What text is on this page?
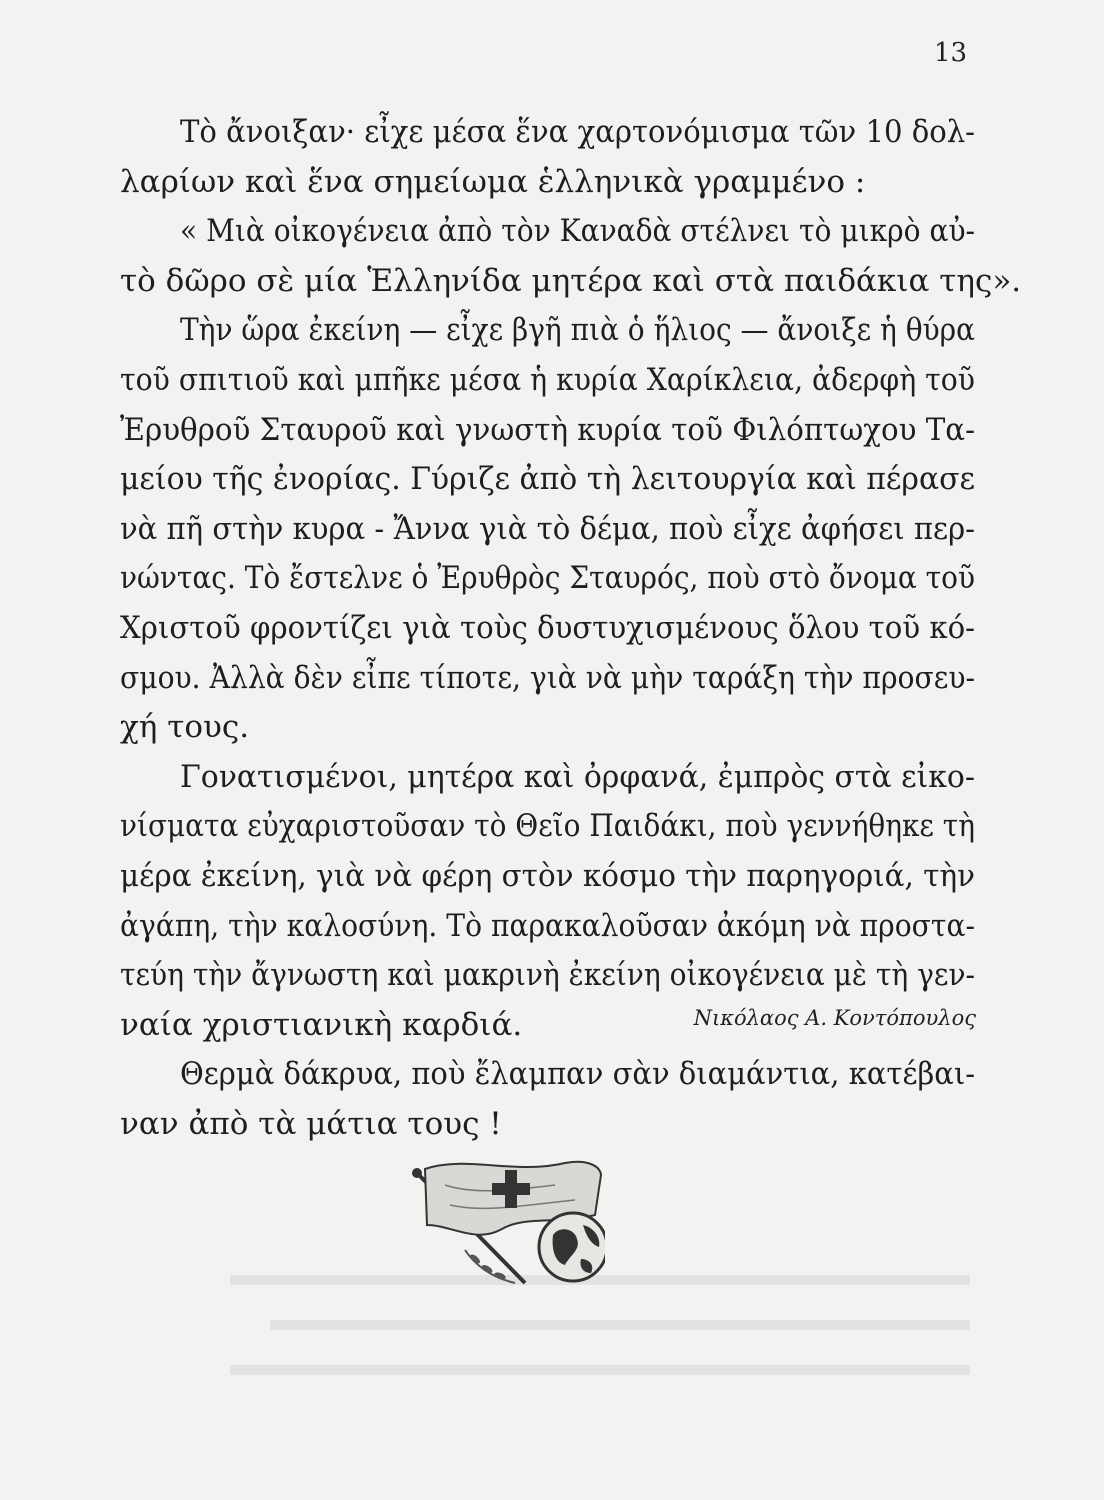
13
Τὸ ἄνοιξαν· εἶχε μέσα ἕνα χαρτονόμισμα τῶν 10 δολ-
λαρίων καὶ ἕνα σημείωμα ἑλληνικὰ γραμμένο :
« Μιὰ οἰκογένεια ἀπὸ τὸν Καναδὰ στέλνει τὸ μικρὸ αὐ-
τὸ δῶρο σὲ μία Ἑλληνίδα μητέρα καὶ στὰ παιδάκια της».
Τὴν ὥρα ἐκείνη — εἶχε βγῆ πιὰ ὁ ἥλιος — ἄνοιξε ἡ θύρα
τοῦ σπιτιοῦ καὶ μπῆκε μέσα ἡ κυρία Χαρίκλεια, ἀδερφὴ τοῦ
Ἐρυθροῦ Σταυροῦ καὶ γνωστὴ κυρία τοῦ Φιλόπτωχου Τα-
μείου τῆς ἐνορίας. Γύριζε ἀπὸ τὴ λειτουργία καὶ πέρασε
νὰ πῆ στὴν κυρα - Ἄννα γιὰ τὸ δέμα, ποὺ εἶχε ἀφήσει περ-
νώντας. Τὸ ἔστελνε ὁ Ἐρυθρὸς Σταυρός, ποὺ στὸ ὄνομα τοῦ
Χριστοῦ φροντίζει γιὰ τοὺς δυστυχισμένους ὅλου τοῦ κό-
σμου. Ἀλλὰ δὲν εἶπε τίποτε, γιὰ νὰ μὴν ταράξη τὴν προσευ-
χή τους.
Γονατισμένοι, μητέρα καὶ ὀρφανά, ἐμπρὸς στὰ εἰκο-
νίσματα εὐχαριστοῦσαν τὸ Θεῖο Παιδάκι, ποὺ γεννήθηκε τὴ
μέρα ἐκείνη, γιὰ νὰ φέρη στὸν κόσμο τὴν παρηγοριά, τὴν
ἀγάπη, τὴν καλοσύνη. Τὸ παρακαλοῦσαν ἀκόμη νὰ προστα-
τεύη τὴν ἄγνωστη καὶ μακρινὴ ἐκείνη οἰκογένεια μὲ τὴ γεν-
ναία χριστιανικὴ καρδιά.
Θερμὰ δάκρυα, ποὺ ἔλαμπαν σὰν διαμάντια, κατέβαι-
ναν ἀπὸ τὰ μάτια τους !
Νικόλαος Α. Κοντόπουλος
